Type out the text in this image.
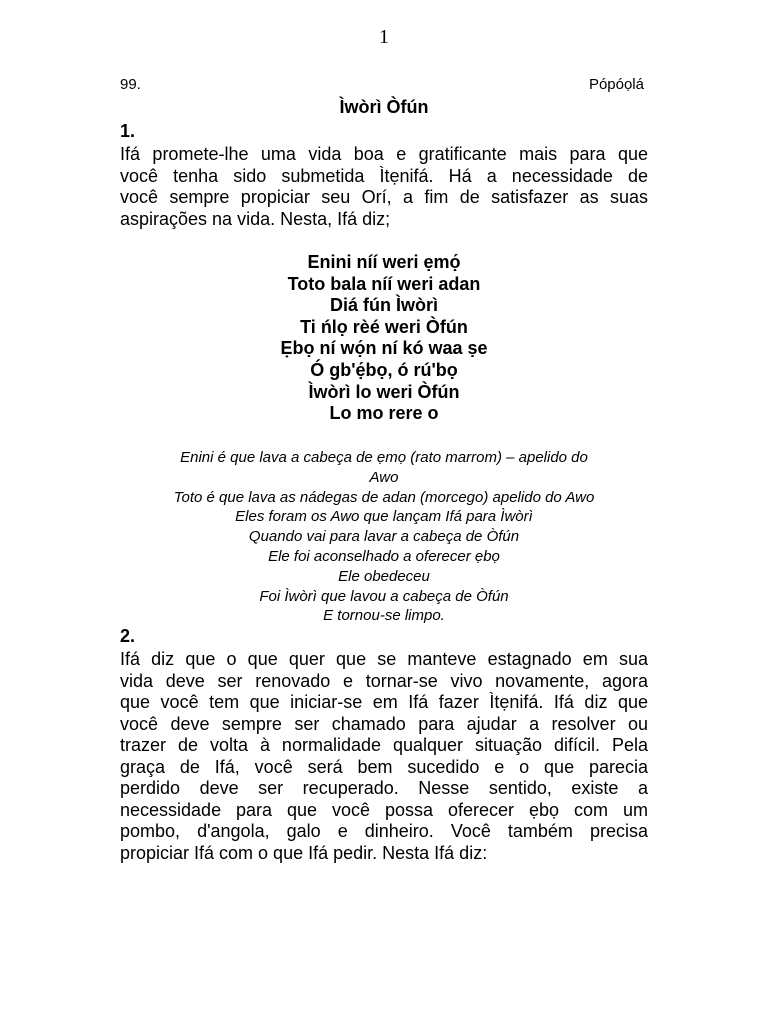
1
99.	Pópóọlá
Ìwòrì Òfún
1.
Ifá promete-lhe uma vida boa e gratificante mais para que
você tenha sido submetida Ìtẹnifá. Há a necessidade de
você sempre propiciar seu Orí, a fim de satisfazer as suas
aspirações na vida. Nesta, Ifá diz;
Enini níí weri ẹmọ́
Toto bala níí weri adan
Diá fún Ìwòrì
Ti ńlọ rèé weri Òfún
Ẹbọ ní wọ́n ní kó waa ṣe
Ó gb'ẹ́bọ, ó rú'bọ
Ìwòrì lo weri Òfún
Lo mo rere o
Enini é que lava a cabeça de ẹmọ (rato marrom) – apelido do
Awo
Toto é que lava as nádegas de adan (morcego) apelido do Awo
Eles foram os Awo que lançam Ifá para Ìwòrì
Quando vai para lavar a cabeça de Òfún
Ele foi aconselhado a oferecer ẹbọ
Ele obedeceu
Foi Ìwòrì que lavou a cabeça de Òfún
E tornou-se limpo.
2.
Ifá diz que o que quer que se manteve estagnado em sua
vida deve ser renovado e tornar-se vivo novamente, agora
que você tem que iniciar-se em Ifá fazer Ìtẹnifá. Ifá diz que
você deve sempre ser chamado para ajudar a resolver ou
trazer de volta à normalidade qualquer situação difícil. Pela
graça de Ifá, você será bem sucedido e o que parecia
perdido deve ser recuperado. Nesse sentido, existe a
necessidade para que você possa oferecer ẹbọ com um
pombo, d'angola, galo e dinheiro. Você também precisa
propiciar Ifá com o que Ifá pedir. Nesta Ifá diz:
